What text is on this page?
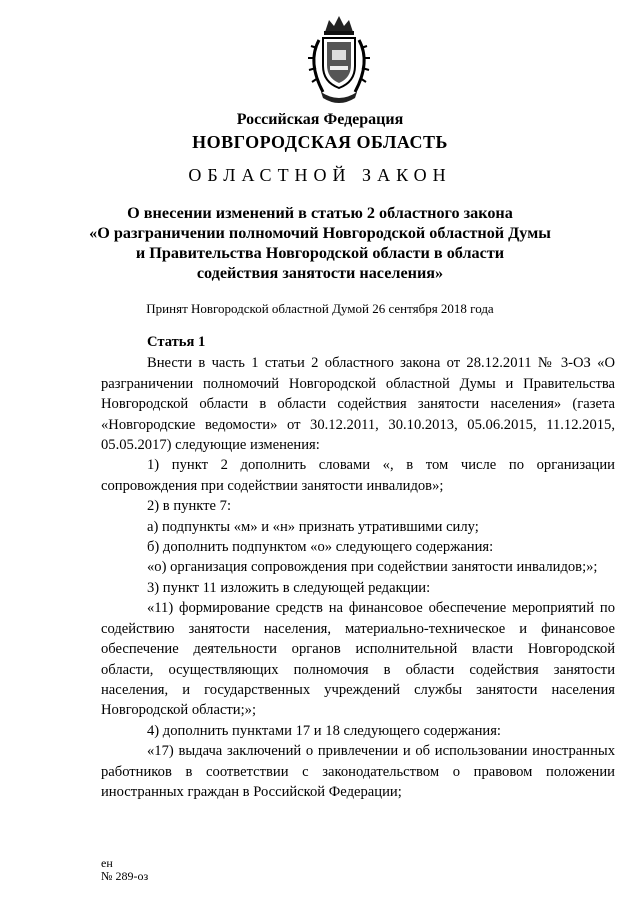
Российская Федерация
НОВГОРОДСКАЯ ОБЛАСТЬ
ОБЛАСТНОЙ ЗАКОН
О внесении изменений в статью 2 областного закона
«О разграничении полномочий Новгородской областной Думы
и Правительства Новгородской области в области
содействия занятости населения»
Принят Новгородской областной Думой 26 сентября 2018 года
Статья 1
Внести в часть 1 статьи 2 областного закона от 28.12.2011 № 3-ОЗ «О разграничении полномочий Новгородской областной Думы и Правительства Новгородской области в области содействия занятости населения» (газета «Новгородские ведомости» от 30.12.2011, 30.10.2013, 05.06.2015, 11.12.2015, 05.05.2017) следующие изменения:
1) пункт 2 дополнить словами «, в том числе по организации сопровождения при содействии занятости инвалидов»;
2) в пункте 7:
а) подпункты «м» и «н» признать утратившими силу;
б) дополнить подпунктом «о» следующего содержания:
«о) организация сопровождения при содействии занятости инвалидов;»;
3) пункт 11 изложить в следующей редакции:
«11) формирование средств на финансовое обеспечение мероприятий по содействию занятости населения, материально-техническое и финансовое обеспечение деятельности органов исполнительной власти Новгородской области, осуществляющих полномочия в области содействия занятости населения, и государственных учреждений службы занятости населения Новгородской области;»;
4) дополнить пунктами 17 и 18 следующего содержания:
«17) выдача заключений о привлечении и об использовании иностранных работников в соответствии с законодательством о правовом положении иностранных граждан в Российской Федерации;
ен
№ 289-оз
